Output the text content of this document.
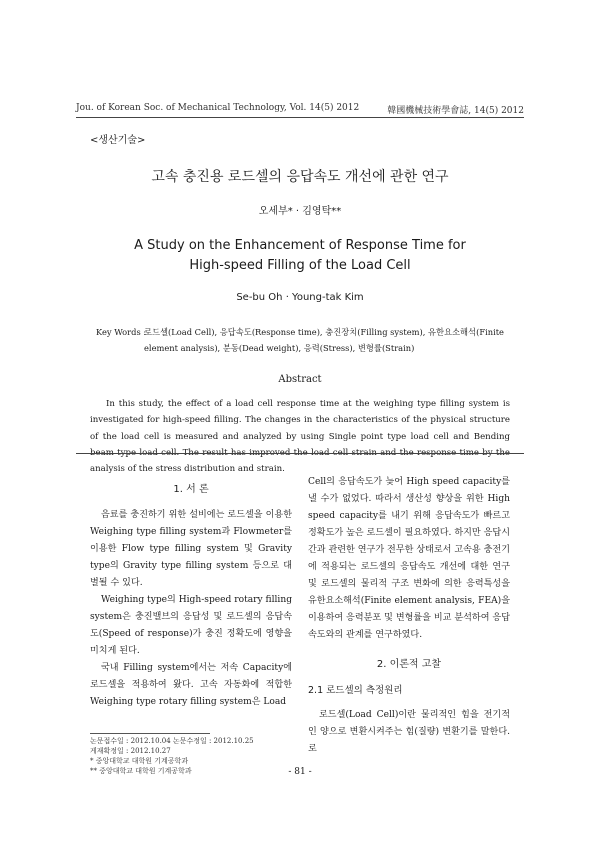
Jou. of Korean Soc. of Mechanical Technology, Vol. 14(5) 2012	韓國機械技術學會誌, 14(5) 2012
<생산기술>
고속 충진용 로드셀의 응답속도 개선에 관한 연구
오세부* · 김영탁**
A Study on the Enhancement of Response Time for
High-speed Filling of the Load Cell
Se-bu Oh · Young-tak Kim
Key Words :
로드셀(Load Cell), 응답속도(Response time), 충진장치(Filling system), 유한요소해석(Finite element analysis), 분동(Dead weight), 응력(Stress), 변형률(Strain)
Abstract
In this study, the effect of a load cell response time at the weighing type filling system is investigated for high-speed filling. The changes in the characteristics of the physical structure of the load cell is measured and analyzed by using Single point type load cell and Bending beam type load cell. The result has improved the load cell strain and the response time by the analysis of the stress distribution and strain.
1. 서 론

음료를 충진하기 위한 설비에는 로드셀을 이용한 Weighing type filling system과 Flowmeter를 이용한 Flow type filling system 및 Gravity type의 Gravity type filling system 등으로 대별될 수 있다.

Weighing type의 High-speed rotary filling system은 충진밸브의 응답성 및 로드셀의 응답속도(Speed of response)가 충진 정확도에 영향을 미치게 된다.

국내 Filling system에서는 저속 Capacity에 로드셀을 적용하여 왔다. 고속 자동화에 적합한 Weighing type rotary filling system은 Load

Cell의 응답속도가 늦어 High speed capacity를 낼 수가 없었다. 따라서 생산성 향상을 위한 High speed capacity를 내기 위해 응답속도가 빠르고 정확도가 높은 로드셀이 필요하였다. 하지만 응답시간과 관련한 연구가 전무한 상태로서 고속용 충전기에 적용되는 로드셀의 응답속도 개선에 대한 연구 및 로드셀의 물리적 구조 변화에 의한 응력특성을 유한요소해석(Finite element analysis, FEA)을 이용하여 응력분포 및 변형률을 비교 분석하여 응답속도와의 관계를 연구하였다.

2. 이론적 고찰
2.1 로드셀의 측정원리

로드셀(Load Cell)이란 물리적인 힘을 전기적인 양으로 변환시켜주는 힘(질량) 변환기를 말한다. 로

논문접수일 : 2012.10.04 논문수정일 : 2012.10.25
게재확정일 : 2012.10.27
* 중앙대학교 대학원 기계공학과
** 중앙대학교 대학원 기계공학과	- 81 -
